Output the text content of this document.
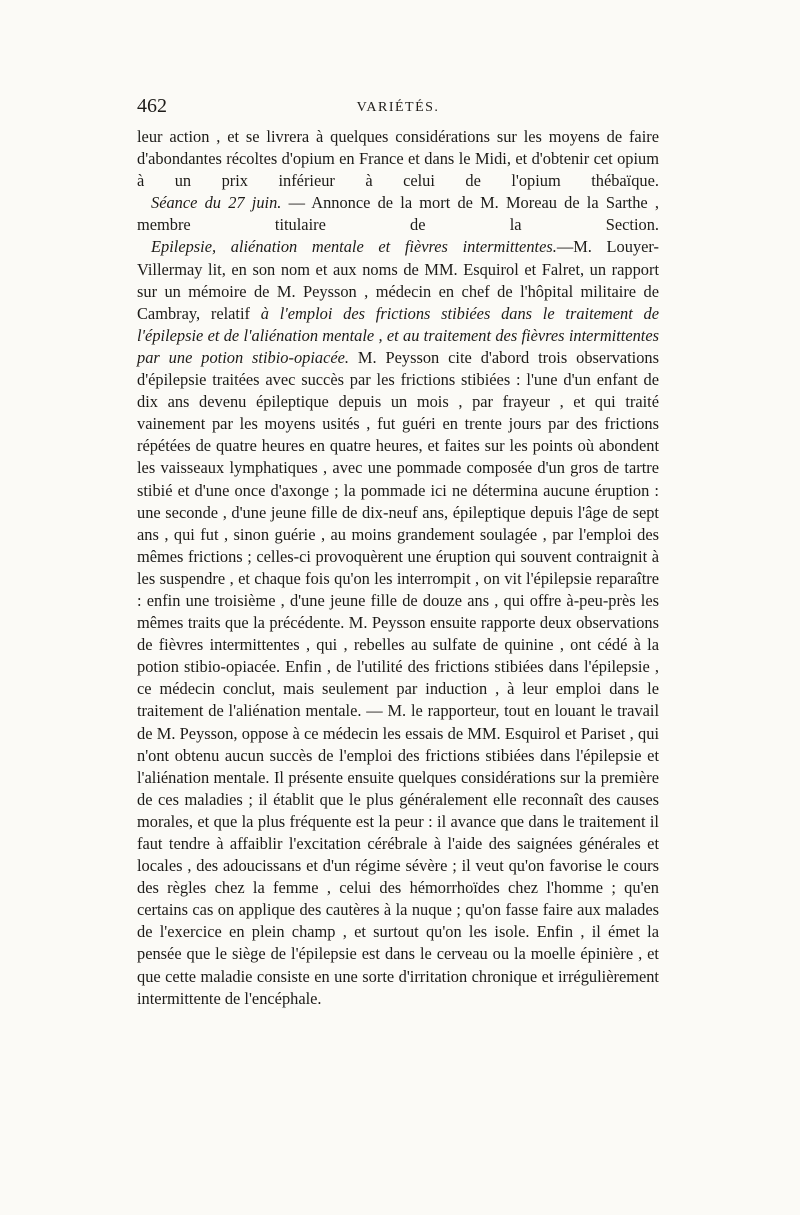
462	VARIÉTÉS.

leur action , et se livrera à quelques considérations sur les moyens de faire d'abondantes récoltes d'opium en France et dans le Midi, et d'obtenir cet opium à un prix inférieur à celui de l'opium thébaïque.

Séance du 27 juin. — Annonce de la mort de M. Moreau de la Sarthe , membre titulaire de la Section.

Epilepsie, aliénation mentale et fièvres intermittentes.—M. Louyer-Villermay lit, en son nom et aux noms de MM. Esquirol et Falret, un rapport sur un mémoire de M. Peysson , médecin en chef de l'hôpital militaire de Cambray, relatif à l'emploi des frictions stibiées dans le traitement de l'épilepsie et de l'aliénation mentale , et au traitement des fièvres intermittentes par une potion stibio-opiacée. M. Peysson cite d'abord trois observations d'épilepsie traitées avec succès par les frictions stibiées : l'une d'un enfant de dix ans devenu épileptique depuis un mois , par frayeur , et qui traité vainement par les moyens usités , fut guéri en trente jours par des frictions répétées de quatre heures en quatre heures, et faites sur les points où abondent les vaisseaux lymphatiques , avec une pommade composée d'un gros de tartre stibié et d'une once d'axonge ; la pommade ici ne détermina aucune éruption : une seconde , d'une jeune fille de dix-neuf ans, épileptique depuis l'âge de sept ans , qui fut , sinon guérie , au moins grandement soulagée , par l'emploi des mêmes frictions ; celles-ci provoquèrent une éruption qui souvent contraignit à les suspendre , et chaque fois qu'on les interrompit , on vit l'épilepsie reparaître : enfin une troisième , d'une jeune fille de douze ans , qui offre à-peu-près les mêmes traits que la précédente. M. Peysson ensuite rapporte deux observations de fièvres intermittentes , qui , rebelles au sulfate de quinine , ont cédé à la potion stibio-opiacée. Enfin , de l'utilité des frictions stibiées dans l'épilepsie , ce médecin conclut, mais seulement par induction , à leur emploi dans le traitement de l'aliénation mentale. — M. le rapporteur, tout en louant le travail de M. Peysson, oppose à ce médecin les essais de MM. Esquirol et Pariset , qui n'ont obtenu aucun succès de l'emploi des frictions stibiées dans l'épilepsie et l'aliénation mentale. Il présente ensuite quelques considérations sur la première de ces maladies ; il établit que le plus généralement elle reconnaît des causes morales, et que la plus fréquente est la peur : il avance que dans le traitement il faut tendre à affaiblir l'excitation cérébrale à l'aide des saignées générales et locales , des adoucissans et d'un régime sévère ; il veut qu'on favorise le cours des règles chez la femme , celui des hémorrhoïdes chez l'homme ; qu'en certains cas on applique des cautères à la nuque ; qu'on fasse faire aux malades de l'exercice en plein champ , et surtout qu'on les isole. Enfin , il émet la pensée que le siège de l'épilepsie est dans le cerveau ou la moelle épinière , et que cette maladie consiste en une sorte d'irritation chronique et irrégulièrement intermittente de l'encéphale.
